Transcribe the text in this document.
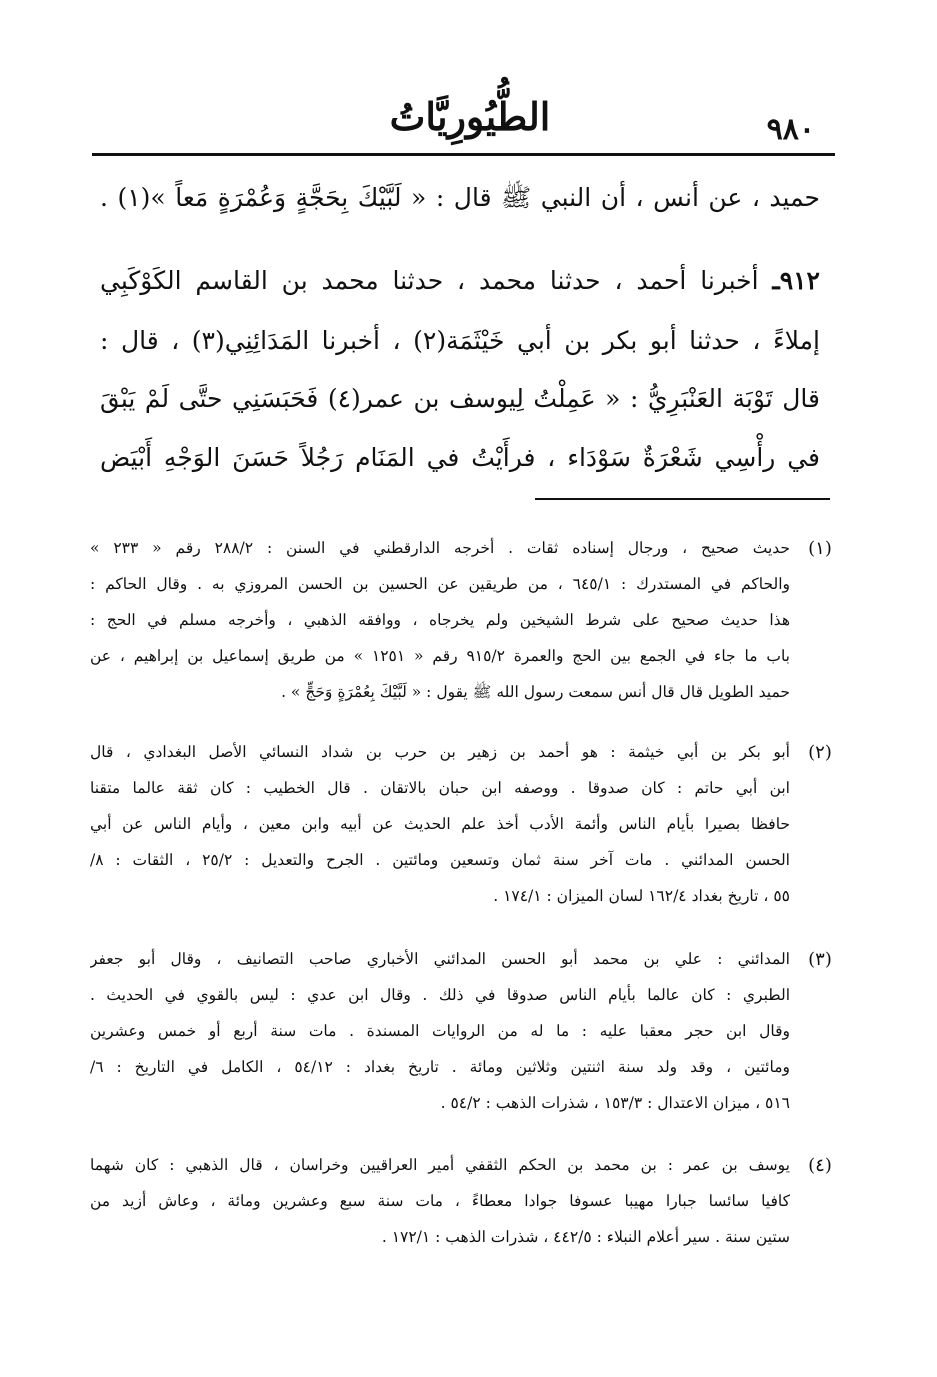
الطُّيُورِيَّاتُ	٩٨٠
حميد ، عن أنس ، أن النبي ﷺ قال : « لَبَّيْكَ بِحَجَّةٍ وَعُمْرَةٍ مَعاً »(١) .
٩١٢ـ أخبرنا أحمد ، حدثنا محمد ، حدثنا محمد بن القاسم الكَوْكَبِي
إملاءً ، حدثنا أبو بكر بن أبي خَيْثَمَة(٢) ، أخبرنا المَدَائِنِي(٣) ، قال :
قال تَوْبَة العَنْبَرِيُّ : « عَمِلْتُ لِيوسف بن عمر(٤) فَحَبَسَنِي حتَّى لَمْ يَبْقَ
في رأْسِي شَعْرَةٌ سَوْدَاء ، فرأَيْتُ في المَنَام رَجُلاً حَسَنَ الوَجْهِ أَبْيَض
(١)
حديث صحيح ، ورجال إسناده ثقات . أخرجه الدارقطني في السنن : ٢٨٨/٢ رقم « ٢٣٣ »
والحاكم في المستدرك : ٦٤٥/١ ، من طريقين عن الحسين بن الحسن المروزي به . وقال الحاكم :
هذا حديث صحيح على شرط الشيخين ولم يخرجاه ، ووافقه الذهبي ، وأخرجه مسلم في الحج :
باب ما جاء في الجمع بين الحج والعمرة ٩١٥/٢ رقم « ١٢٥١ » من طريق إسماعيل بن إبراهيم ، عن
حميد الطويل قال قال أنس سمعت رسول الله ﷺ يقول : « لَبَّيْكَ بِعُمْرَةٍ وَحَجٍّ » .
(٢)
أبو بكر بن أبي خيثمة : هو أحمد بن زهير بن حرب بن شداد النسائي الأصل البغدادي ، قال
ابن أبي حاتم : كان صدوقا . ووصفه ابن حبان بالاتقان . قال الخطيب : كان ثقة عالما متقنا
حافظا بصيرا بأيام الناس وأئمة الأدب أخذ علم الحديث عن أبيه وابن معين ، وأيام الناس عن أبي
الحسن المدائني . مات آخر سنة ثمان وتسعين ومائتين . الجرح والتعديل : ٢٥/٢ ، الثقات : ٨/
٥٥ ، تاريخ بغداد ١٦٢/٤ لسان الميزان : ١٧٤/١ .
(٣)
المدائني : علي بن محمد أبو الحسن المدائني الأخباري صاحب التصانيف ، وقال أبو جعفر
الطبري : كان عالما بأيام الناس صدوقا في ذلك . وقال ابن عدي : ليس بالقوي في الحديث .
وقال ابن حجر معقبا عليه : ما له من الروايات المسندة . مات سنة أربع أو خمس وعشرين
ومائتين ، وقد ولد سنة اثنتين وثلاثين ومائة . تاريخ بغداد : ٥٤/١٢ ، الكامل في التاريخ : ٦/
٥١٦ ، ميزان الاعتدال : ١٥٣/٣ ، شذرات الذهب : ٥٤/٢ .
(٤)
يوسف بن عمر : بن محمد بن الحكم الثقفي أمير العراقيين وخراسان ، قال الذهبي : كان شهما
كافيا سائسا جبارا مهيبا عسوفا جوادا معطاءً ، مات سنة سبع وعشرين ومائة ، وعاش أزيد من
ستين سنة . سير أعلام النبلاء : ٤٤٢/٥ ، شذرات الذهب : ١٧٢/١ .
